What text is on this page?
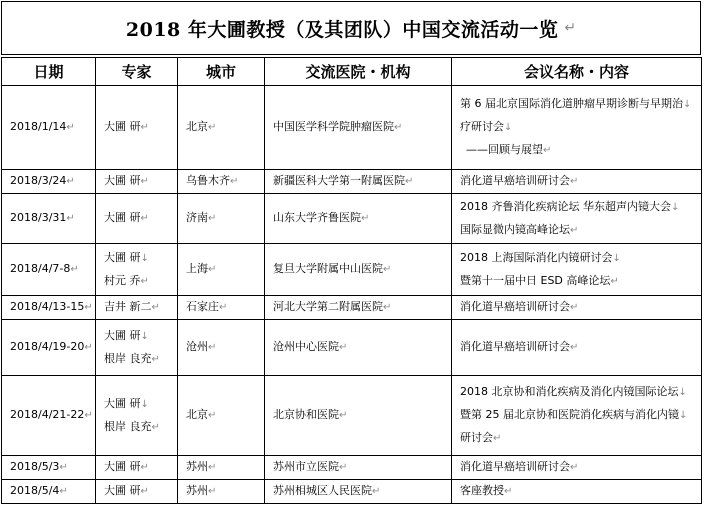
2018 年大圃教授（及其团队）中国交流活动一览 ↵
日期	专家	城市	交流医院・机构	会议名称・内容

2018/1/14↵	大圃 研↵	北京↵	中国医学科学院肿瘤医院↵	第 6 届北京国际消化道肿瘤早期诊断与早期治↓
疗研讨会↓
——回顾与展望↵

2018/3/24↵	大圃 研↵	乌鲁木齐↵	新疆医科大学第一附属医院↵	消化道早癌培训研讨会↵

2018/3/31↵	大圃 研↵	济南↵	山东大学齐鲁医院↵	2018 齐鲁消化疾病论坛 华东超声内镜大会↓
国际显微内镜高峰论坛↵

2018/4/7-8↵	大圃 研↓
村元 乔↵	上海↵	复旦大学附属中山医院↵	2018 上海国际消化内镜研讨会↓
暨第十一届中日 ESD 高峰论坛↵

2018/4/13-15↵	吉井 新二↵	石家庄↵	河北大学第二附属医院↵	消化道早癌培训研讨会↵

2018/4/19-20↵	大圃 研↓
根岸 良充↵	沧州↵	沧州中心医院↵	消化道早癌培训研讨会↵

2018/4/21-22↵	大圃 研↓
根岸 良充↵	北京↵	北京协和医院↵	2018 北京协和消化疾病及消化内镜国际论坛↓
暨第 25 届北京协和医院消化疾病与消化内镜↓
研讨会↵

2018/5/3↵	大圃 研↵	苏州↵	苏州市立医院↵	消化道早癌培训研讨会↵

2018/5/4↵	大圃 研↵	苏州↵	苏州相城区人民医院↵	客座教授↵
